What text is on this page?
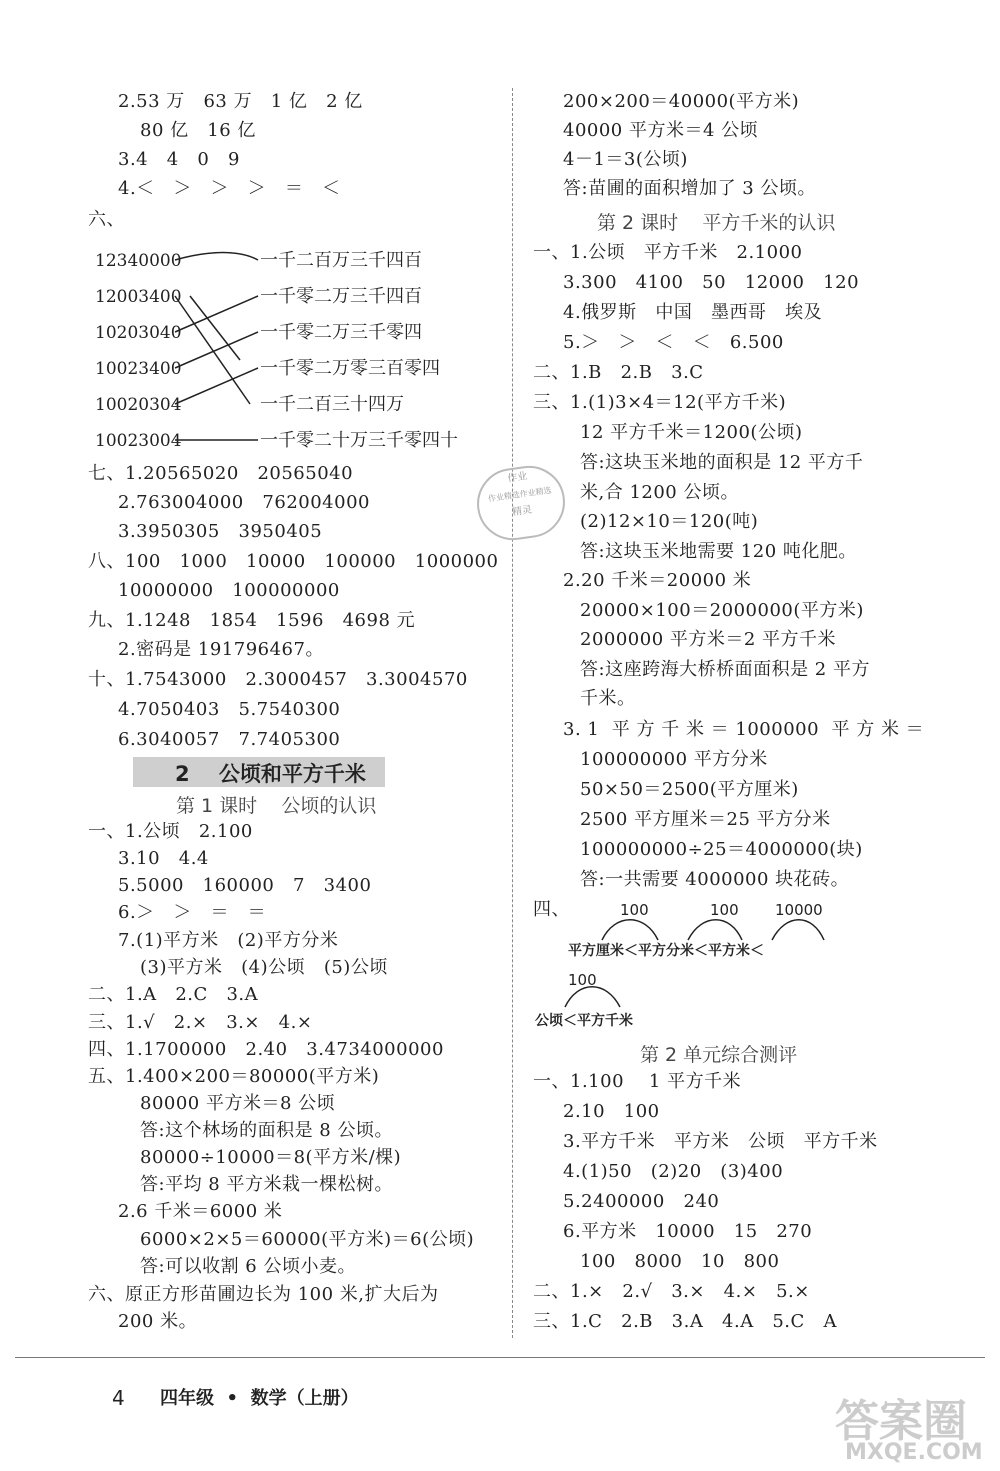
2.53 万   63 万   1 亿   2 亿
80 亿   16 亿
3.4   4   0   9
4.＜   ＞   ＞   ＞   ＝   ＜
六、
七、1.20565020   20565040
2.763004000   762004000
3.3950305   3950405
八、100   1000   10000   100000   1000000
10000000   100000000
九、1.1248   1854   1596   4698 元
2.密码是 191796467。
十、1.7543000   2.3000457   3.3004570
4.7050403   5.7540300
6.3040057   7.7405300
一、1.公顷   2.100
3.10   4.4
5.5000   160000   7   3400
6.＞   ＞   ＝   ＝
7.(1)平方米   (2)平方分米
(3)平方米   (4)公顷   (5)公顷
二、1.A   2.C   3.A
三、1.√   2.×   3.×   4.×
四、1.1700000   2.40   3.4734000000
五、1.400×200＝80000(平方米)
80000 平方米＝8 公顷
答:这个林场的面积是 8 公顷。
80000÷10000＝8(平方米/棵)
答:平均 8 平方米栽一棵松树。
2.6 千米＝6000 米
6000×2×5＝60000(平方米)＝6(公顷)
答:可以收割 6 公顷小麦。
六、原正方形苗圃边长为 100 米,扩大后为
200 米。
200×200＝40000(平方米)
40000 平方米＝4 公顷
4－1＝3(公顷)
答:苗圃的面积增加了 3 公顷。
一、1.公顷   平方千米   2.1000
3.300   4100   50   12000   120
4.俄罗斯   中国   墨西哥   埃及
5.＞   ＞   ＜   ＜   6.500
二、1.B   2.B   3.C
三、1.(1)3×4＝12(平方千米)
12 平方千米＝1200(公顷)
答:这块玉米地的面积是 12 平方千
米,合 1200 公顷。
(2)12×10＝120(吨)
答:这块玉米地需要 120 吨化肥。
2.20 千米＝20000 米
20000×100＝2000000(平方米)
2000000 平方米＝2 平方千米
答:这座跨海大桥桥面面积是 2 平方
千米。
3. 1  平 方 千 米 ＝ 1000000  平 方 米 ＝
100000000 平方分米
50×50＝2500(平方厘米)
2500 平方厘米＝25 平方分米
100000000÷25＝4000000(块)
答:一共需要 4000000 块花砖。
四、
一、1.100    1 平方千米
2.10   100
3.平方千米   平方米   公顷   平方千米
4.(1)50   (2)20   (3)400
5.2400000   240
6.平方米   10000   15   270
100   8000   10   800
二、1.×   2.√   3.×   4.×   5.×
三、1.C   2.B   3.A   4.A   5.C   A
12340000
12003400
10203040
10023400
10020304
10023004
一千二百万三千四百
一千零二万三千四百
一千零二万三千零四
一千零二万零三百零四
一千二百三十四万
一千零二十万三千零四十
2    公顷和平方千米
第 1 课时    公顷的认识
第 2 课时    平方千米的认识
第 2 单元综合测评
100	100 10000
100
平方厘米＜平方分米＜平方米＜
公顷＜平方千米
作业
作业精选作业精选
精灵
4 四年级  •  数学（上册）	答案圈
MXQE.COM
